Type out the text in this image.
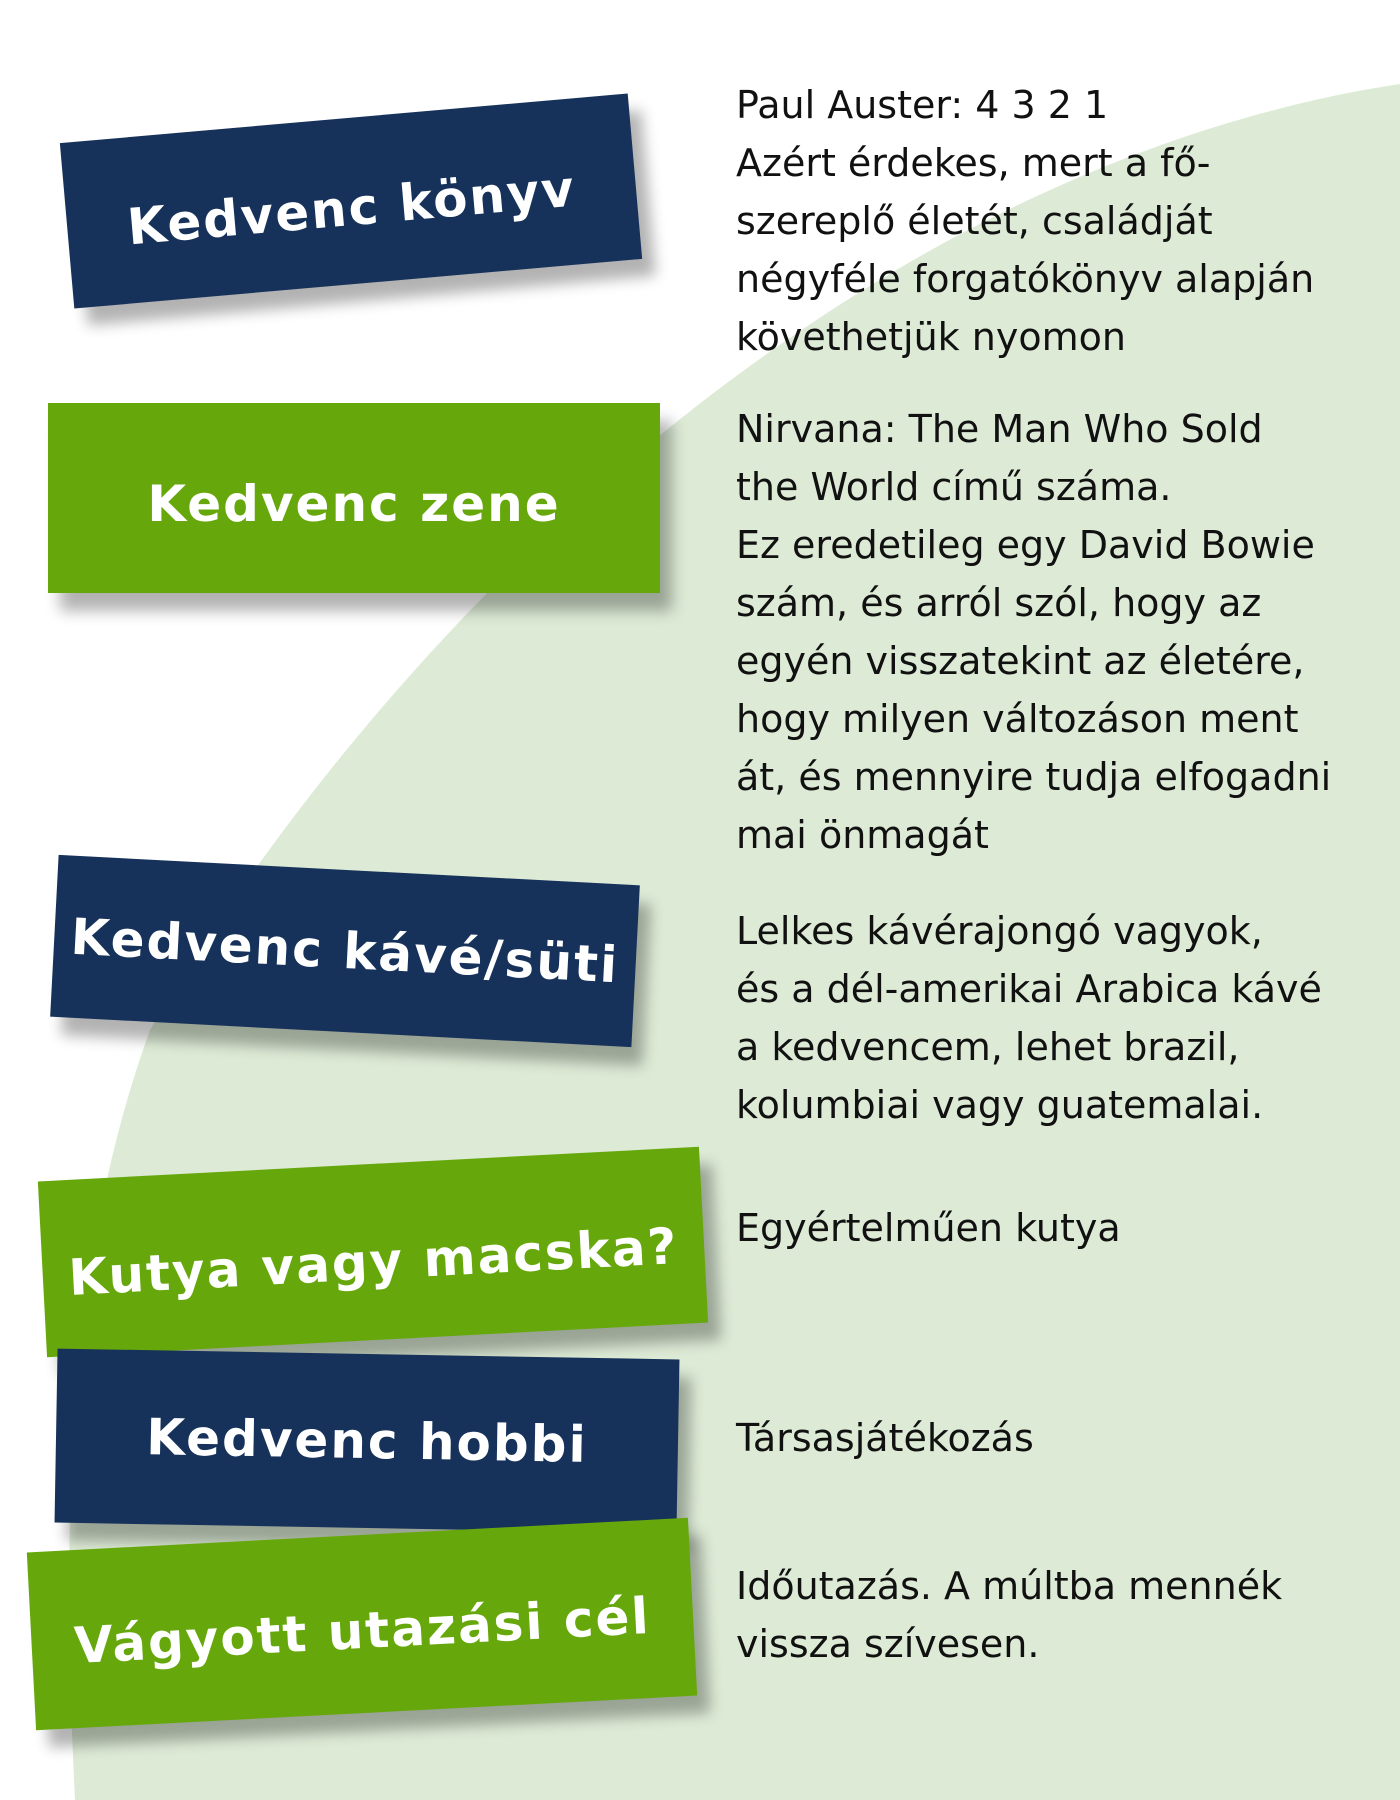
Kedvenc könyv
Kedvenc zene
Kedvenc kávé/süti
Kutya vagy macska?
Kedvenc hobbi
Vágyott utazási cél
Paul Auster: 4 3 2 1
Azért érdekes, mert a fő-
szereplő életét, családját
négyféle forgatókönyv alapján
követhetjük nyomon
Nirvana: The Man Who Sold
the World című száma.
Ez eredetileg egy David Bowie
szám, és arról szól, hogy az
egyén visszatekint az életére,
hogy milyen változáson ment
át, és mennyire tudja elfogadni
mai önmagát
Lelkes kávérajongó vagyok,
és a dél-amerikai Arabica kávé
a kedvencem, lehet brazil,
kolumbiai vagy guatemalai.
Egyértelműen kutya
Társasjátékozás
Időutazás. A múltba mennék
vissza szívesen.
